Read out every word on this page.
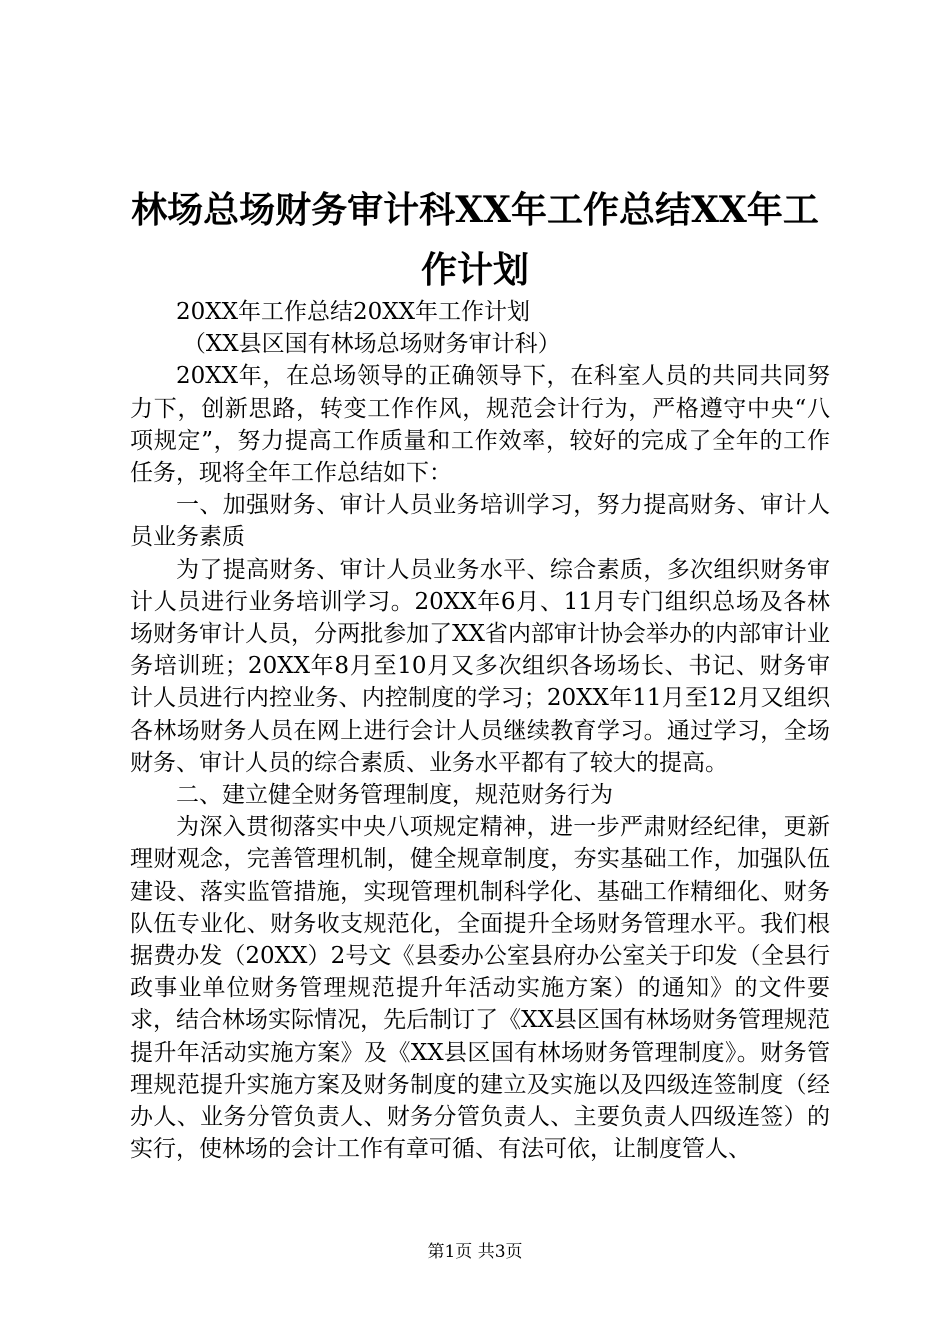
林场总场财务审计科XX年工作总结XX年工作计划

20XX年工作总结20XX年工作计划

（XX县区国有林场总场财务审计科）

20XX年，在总场领导的正确领导下，在科室人员的共同共同努力下，创新思路，转变工作作风，规范会计行为，严格遵守中央“八项规定”，努力提高工作质量和工作效率，较好的完成了全年的工作任务，现将全年工作总结如下：

一、加强财务、审计人员业务培训学习，努力提高财务、审计人员业务素质

为了提高财务、审计人员业务水平、综合素质，多次组织财务审计人员进行业务培训学习。20XX年6月、11月专门组织总场及各林场财务审计人员，分两批参加了XX省内部审计协会举办的内部审计业务培训班；20XX年8月至10月又多次组织各场场长、书记、财务审计人员进行内控业务、内控制度的学习；20XX年11月至12月又组织各林场财务人员在网上进行会计人员继续教育学习。通过学习，全场财务、审计人员的综合素质、业务水平都有了较大的提高。

二、建立健全财务管理制度，规范财务行为

为深入贯彻落实中央八项规定精神，进一步严肃财经纪律，更新理财观念，完善管理机制，健全规章制度，夯实基础工作，加强队伍建设、落实监管措施，实现管理机制科学化、基础工作精细化、财务队伍专业化、财务收支规范化，全面提升全场财务管理水平。我们根据费办发（20XX）2号文《县委办公室县府办公室关于印发（全县行政事业单位财务管理规范提升年活动实施方案）的通知》的文件要求，结合林场实际情况，先后制订了《XX县区国有林场财务管理规范提升年活动实施方案》及《XX县区国有林场财务管理制度》。财务管理规范提升实施方案及财务制度的建立及实施以及四级连签制度（经办人、业务分管负责人、财务分管负责人、主要负责人四级连签）的实行，使林场的会计工作有章可循、有法可依，让制度管人、

第1页 共3页
